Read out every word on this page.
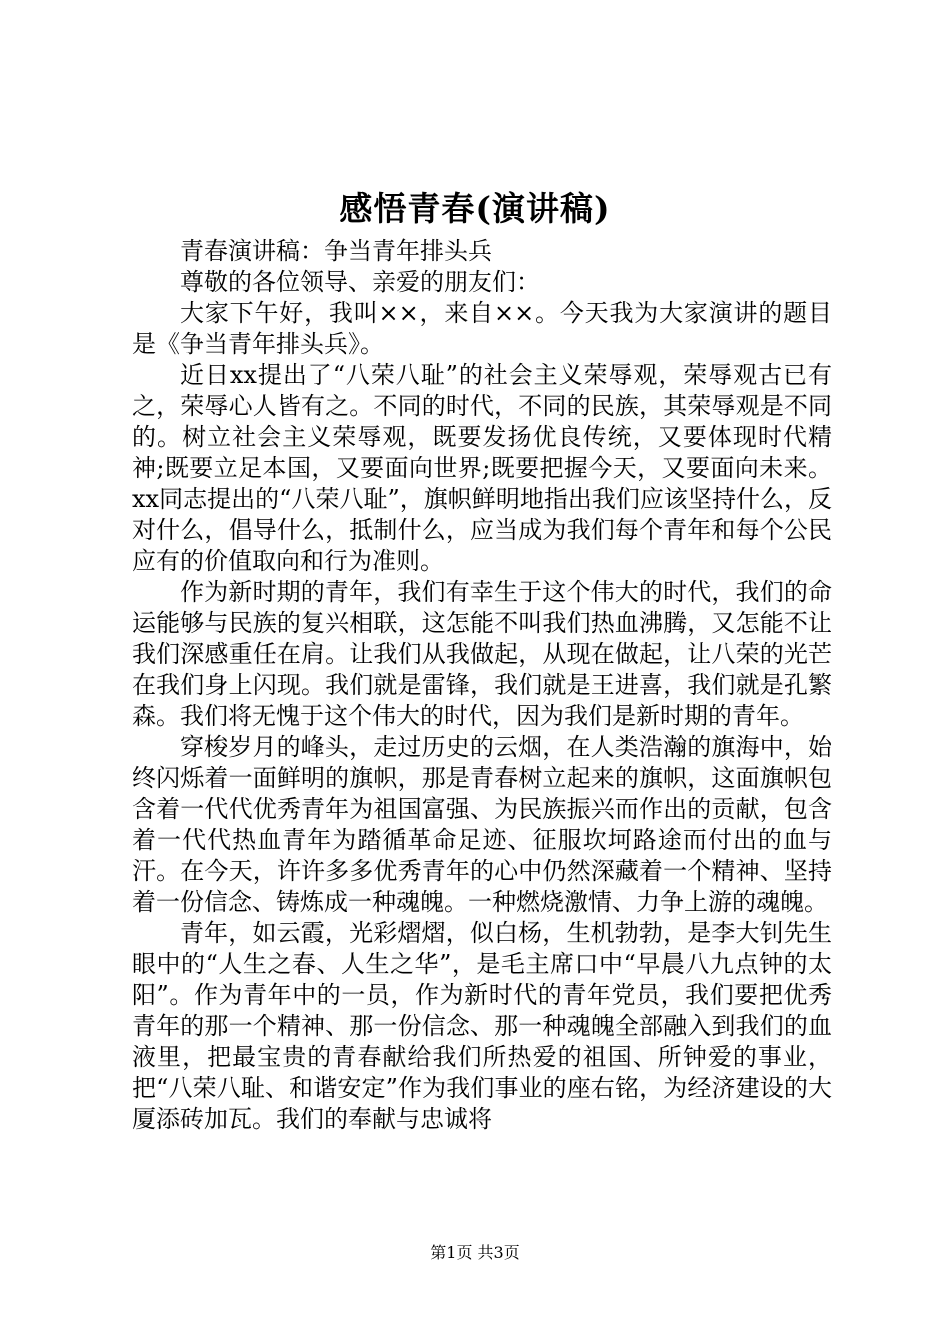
感悟青春(演讲稿)

青春演讲稿：争当青年排头兵

尊敬的各位领导、亲爱的朋友们：

大家下午好，我叫××，来自××。今天我为大家演讲的题目是《争当青年排头兵》。

近日xx提出了“八荣八耻”的社会主义荣辱观，荣辱观古已有之，荣辱心人皆有之。不同的时代，不同的民族，其荣辱观是不同的。树立社会主义荣辱观，既要发扬优良传统，又要体现时代精神;既要立足本国，又要面向世界;既要把握今天，又要面向未来。xx同志提出的“八荣八耻”，旗帜鲜明地指出我们应该坚持什么，反对什么，倡导什么，抵制什么，应当成为我们每个青年和每个公民应有的价值取向和行为准则。

作为新时期的青年，我们有幸生于这个伟大的时代，我们的命运能够与民族的复兴相联，这怎能不叫我们热血沸腾，又怎能不让我们深感重任在肩。让我们从我做起，从现在做起，让八荣的光芒在我们身上闪现。我们就是雷锋，我们就是王进喜，我们就是孔繁森。我们将无愧于这个伟大的时代，因为我们是新时期的青年。

穿梭岁月的峰头，走过历史的云烟，在人类浩瀚的旗海中，始终闪烁着一面鲜明的旗帜，那是青春树立起来的旗帜，这面旗帜包含着一代代优秀青年为祖国富强、为民族振兴而作出的贡献，包含着一代代热血青年为踏循革命足迹、征服坎坷路途而付出的血与汗。在今天，许许多多优秀青年的心中仍然深藏着一个精神、坚持着一份信念、铸炼成一种魂魄。一种燃烧激情、力争上游的魂魄。

青年，如云霞，光彩熠熠，似白杨，生机勃勃，是李大钊先生眼中的“人生之春、人生之华”，是毛主席口中“早晨八九点钟的太阳”。作为青年中的一员，作为新时代的青年党员，我们要把优秀青年的那一个精神、那一份信念、那一种魂魄全部融入到我们的血液里，把最宝贵的青春献给我们所热爱的祖国、所钟爱的事业，把“八荣八耻、和谐安定”作为我们事业的座右铭，为经济建设的大厦添砖加瓦。我们的奉献与忠诚将

第1页 共3页
